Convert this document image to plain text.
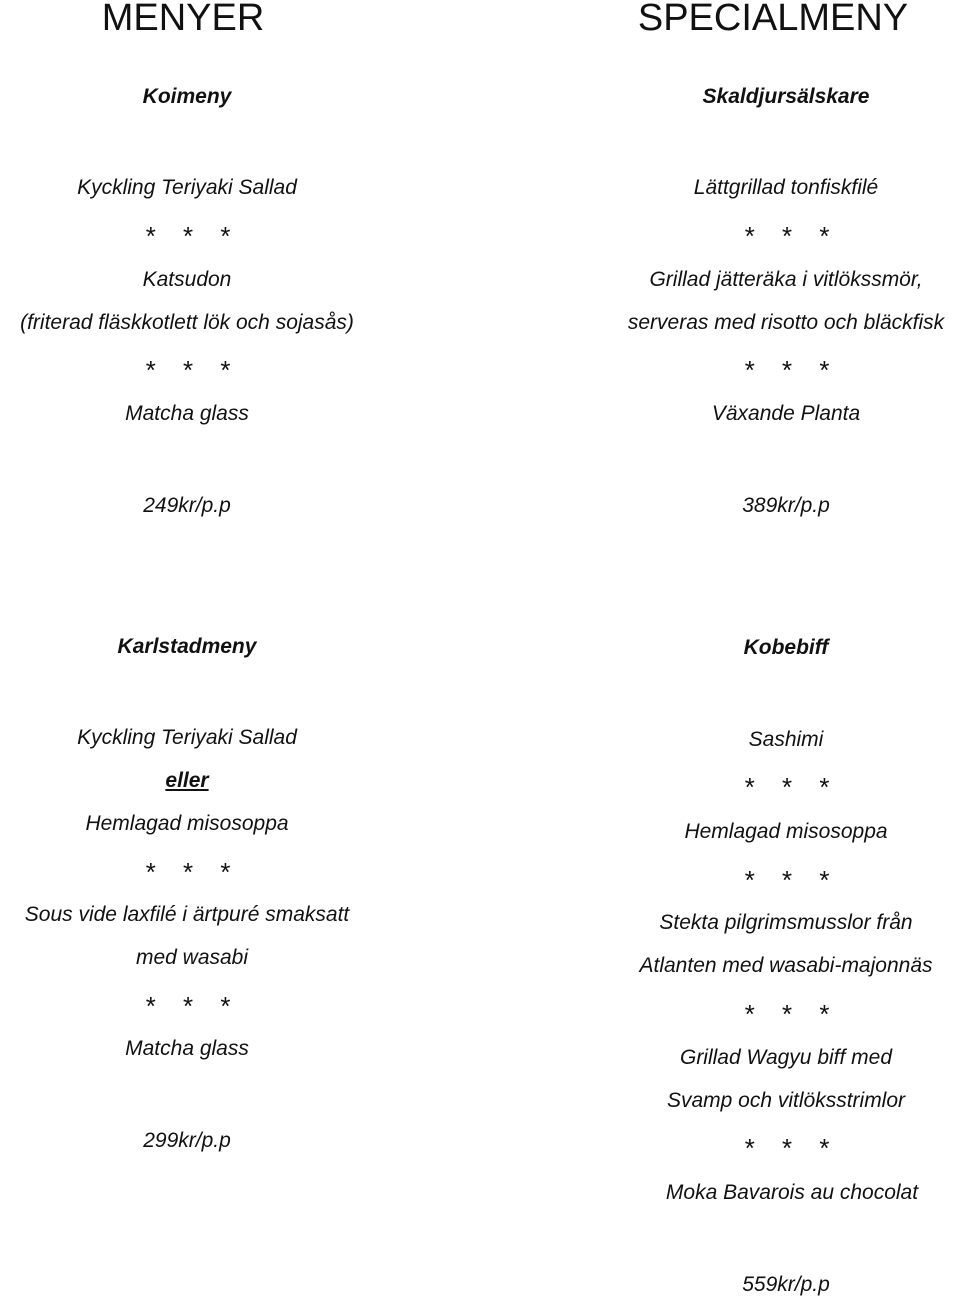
MENYER	SPECIALMENY
Koimeny
Kyckling Teriyaki Sallad
* * *
Katsudon
(friterad fläskkotlett lök och sojasås)
* * *
Matcha glass
249kr/p.p
Skaldjursälskare
Lättgrillad tonfiskfilé
* * *
Grillad jätteräka i vitlökssmör,
serveras med risotto och bläckfisk
* * *
Växande Planta
389kr/p.p
Karlstadmeny
Kyckling Teriyaki Sallad
eller
Hemlagad misosoppa
* * *
Sous vide laxfilé i ärtpuré smaksatt
med wasabi
* * *
Matcha glass
299kr/p.p
Kobebiff
Sashimi
* * *
Hemlagad misosoppa
* * *
Stekta pilgrimsmusslor från
Atlanten med wasabi-majonnäs
* * *
Grillad Wagyu biff med
Svamp och vitlöksstrimlor
* * *
Moka Bavarois au chocolat
559kr/p.p
